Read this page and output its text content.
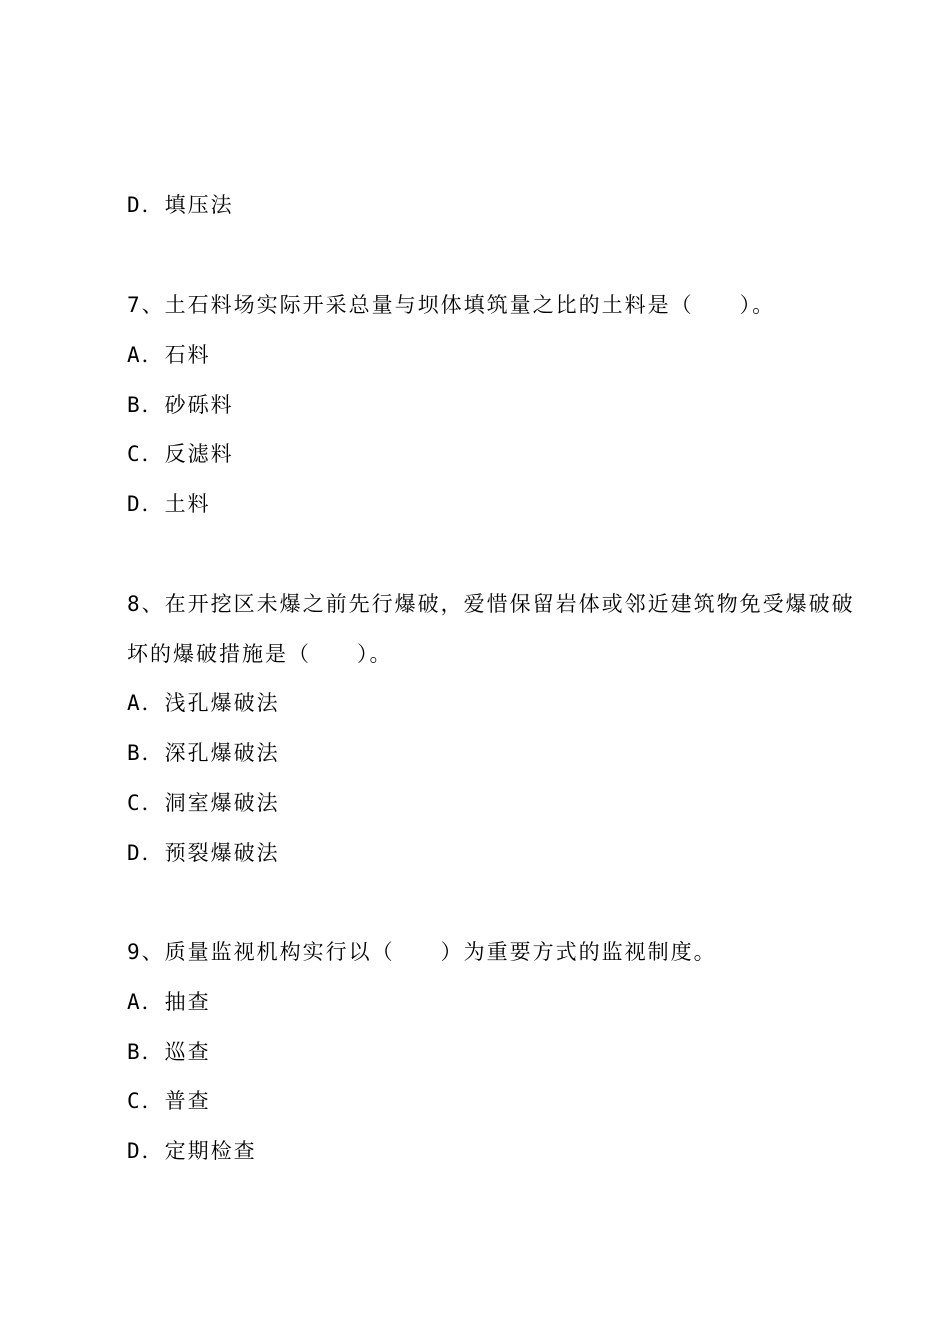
D．填压法
7、土石料场实际开采总量与坝体填筑量之比的土料是（　　）。
A．石料
B．砂砾料
C．反滤料
D．土料
8、在开挖区未爆之前先行爆破，爱惜保留岩体或邻近建筑物免受爆破破
坏的爆破措施是（　　）。
A．浅孔爆破法
B．深孔爆破法
C．洞室爆破法
D．预裂爆破法
9、质量监视机构实行以（　　）为重要方式的监视制度。
A．抽查
B．巡查
C．普查
D．定期检查
